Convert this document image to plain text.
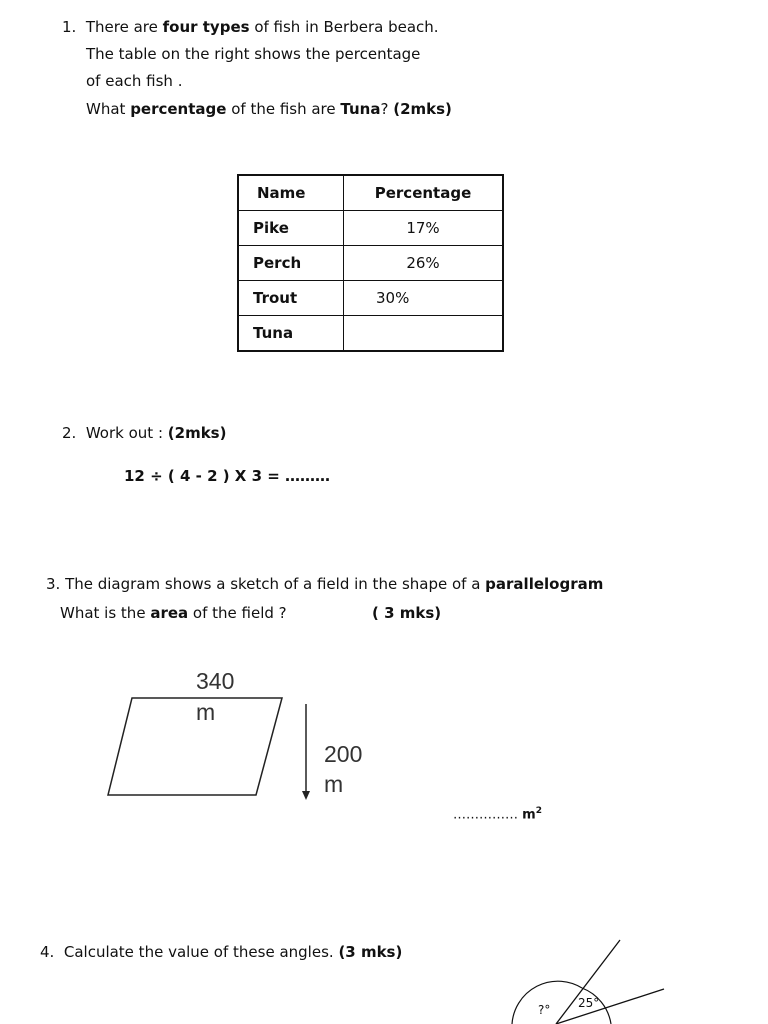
1. There are four types of fish in Berbera beach.
The table on the right shows the percentage
of each fish .
What percentage of the fish are Tuna? (2mks)
Name	Percentage
Pike	17%
Perch	26%
Trout	30%
Tuna	
2. Work out : (2mks)
12 ÷ ( 4 - 2 ) X 3 = ………
3. The diagram shows a sketch of a field in the shape of a parallelogram
What is the area of the field ?	( 3 mks)
340
m
200
m
?° 25°
…………… $m^2$
4. Calculate the value of these angles. (3 mks)
